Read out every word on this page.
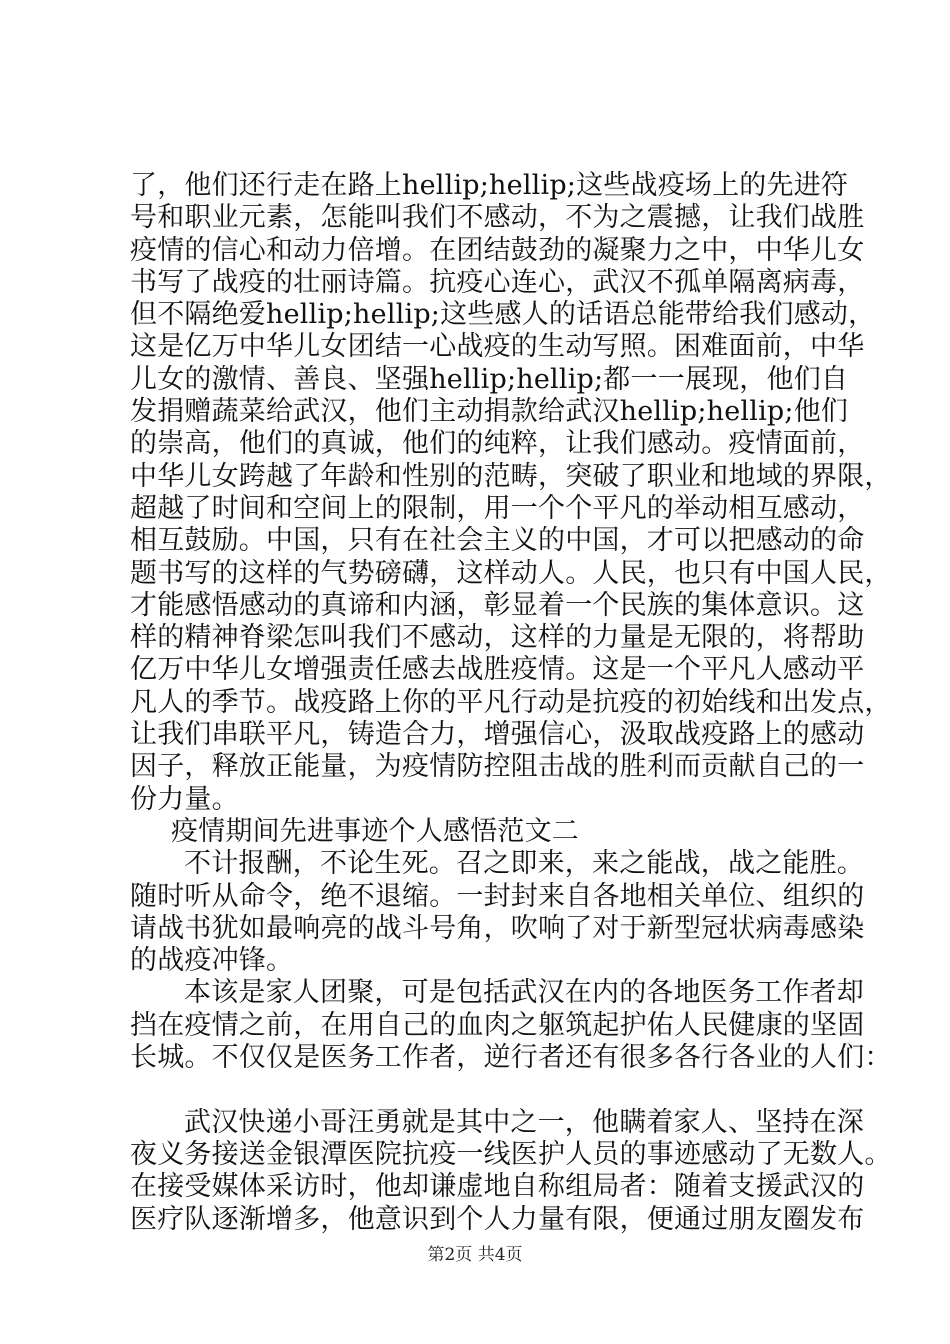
了，他们还行走在路上hellip;hellip;这些战疫场上的先进符
号和职业元素，怎能叫我们不感动，不为之震撼，让我们战胜
疫情的信心和动力倍增。在团结鼓劲的凝聚力之中，中华儿女
书写了战疫的壮丽诗篇。抗疫心连心，武汉不孤单隔离病毒，
但不隔绝爱hellip;hellip;这些感人的话语总能带给我们感动，
这是亿万中华儿女团结一心战疫的生动写照。困难面前，中华
儿女的激情、善良、坚强hellip;hellip;都一一展现，他们自
发捐赠蔬菜给武汉，他们主动捐款给武汉hellip;hellip;他们
的崇高，他们的真诚，他们的纯粹，让我们感动。疫情面前，
中华儿女跨越了年龄和性别的范畴，突破了职业和地域的界限，
超越了时间和空间上的限制，用一个个平凡的举动相互感动，
相互鼓励。中国，只有在社会主义的中国，才可以把感动的命
题书写的这样的气势磅礴，这样动人。人民，也只有中国人民，
才能感悟感动的真谛和内涵，彰显着一个民族的集体意识。这
样的精神脊梁怎叫我们不感动，这样的力量是无限的，将帮助
亿万中华儿女增强责任感去战胜疫情。这是一个平凡人感动平
凡人的季节。战疫路上你的平凡行动是抗疫的初始线和出发点，
让我们串联平凡，铸造合力，增强信心，汲取战疫路上的感动
因子，释放正能量，为疫情防控阻击战的胜利而贡献自己的一
份力量。
疫情期间先进事迹个人感悟范文二
不计报酬，不论生死。召之即来，来之能战，战之能胜。
随时听从命令，绝不退缩。一封封来自各地相关单位、组织的
请战书犹如最响亮的战斗号角，吹响了对于新型冠状病毒感染
的战疫冲锋。
本该是家人团聚，可是包括武汉在内的各地医务工作者却
挡在疫情之前，在用自己的血肉之躯筑起护佑人民健康的坚固
长城。不仅仅是医务工作者，逆行者还有很多各行各业的人们：
武汉快递小哥汪勇就是其中之一，他瞒着家人、坚持在深
夜义务接送金银潭医院抗疫一线医护人员的事迹感动了无数人。
在接受媒体采访时，他却谦虚地自称组局者：随着支援武汉的
医疗队逐渐增多，他意识到个人力量有限，便通过朋友圈发布
第2页 共4页
